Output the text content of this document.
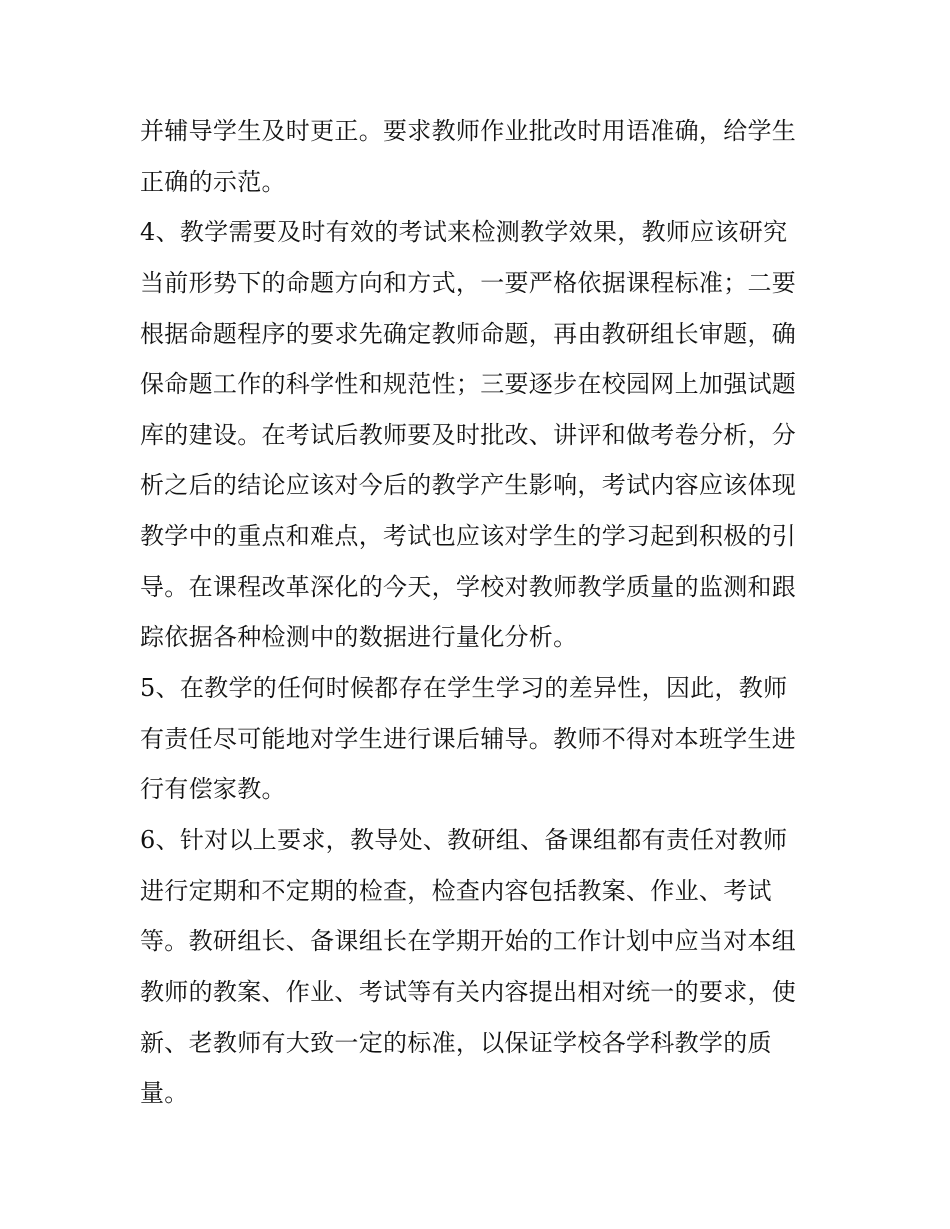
并辅导学生及时更正。要求教师作业批改时用语准确，给学生
正确的示范。
4、教学需要及时有效的考试来检测教学效果，教师应该研究
当前形势下的命题方向和方式，一要严格依据课程标准；二要
根据命题程序的要求先确定教师命题，再由教研组长审题，确
保命题工作的科学性和规范性；三要逐步在校园网上加强试题
库的建设。在考试后教师要及时批改、讲评和做考卷分析，分
析之后的结论应该对今后的教学产生影响，考试内容应该体现
教学中的重点和难点，考试也应该对学生的学习起到积极的引
导。在课程改革深化的今天，学校对教师教学质量的监测和跟
踪依据各种检测中的数据进行量化分析。
5、在教学的任何时候都存在学生学习的差异性，因此，教师
有责任尽可能地对学生进行课后辅导。教师不得对本班学生进
行有偿家教。
6、针对以上要求，教导处、教研组、备课组都有责任对教师
进行定期和不定期的检查，检查内容包括教案、作业、考试
等。教研组长、备课组长在学期开始的工作计划中应当对本组
教师的教案、作业、考试等有关内容提出相对统一的要求，使
新、老教师有大致一定的标准，以保证学校各学科教学的质
量。
